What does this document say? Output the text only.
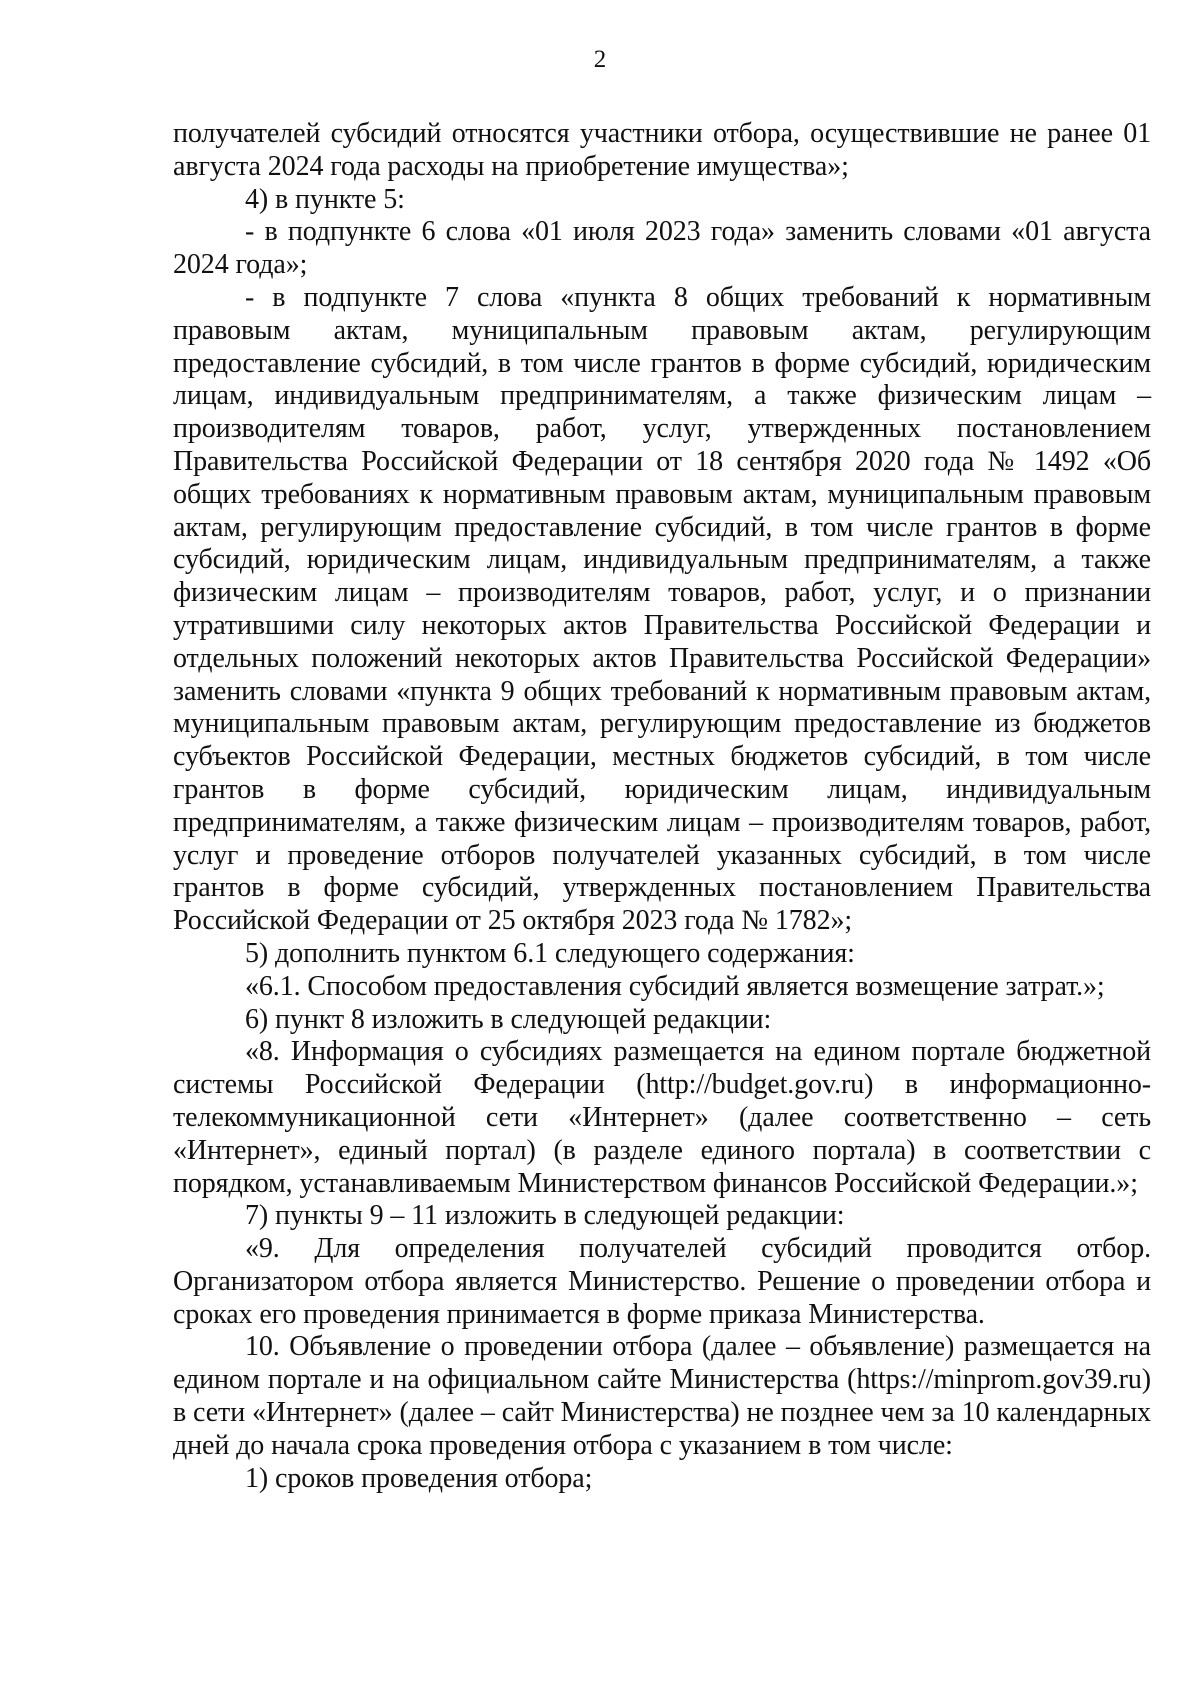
2

получателей субсидий относятся участники отбора, осуществившие не ранее 01 августа 2024 года расходы на приобретение имущества»;

4) в пункте 5:

- в подпункте 6 слова «01 июля 2023 года» заменить словами «01 августа 2024 года»;

- в подпункте 7 слова «пункта 8 общих требований к нормативным правовым актам, муниципальным правовым актам, регулирующим предоставление субсидий, в том числе грантов в форме субсидий, юридическим лицам, индивидуальным предпринимателям, а также физическим лицам – производителям товаров, работ, услуг, утвержденных постановлением Правительства Российской Федерации от 18 сентября 2020 года № 1492 «Об общих требованиях к нормативным правовым актам, муниципальным правовым актам, регулирующим предоставление субсидий, в том числе грантов в форме субсидий, юридическим лицам, индивидуальным предпринимателям, а также физическим лицам – производителям товаров, работ, услуг, и о признании утратившими силу некоторых актов Правительства Российской Федерации и отдельных положений некоторых актов Правительства Российской Федерации» заменить словами «пункта 9 общих требований к нормативным правовым актам, муниципальным правовым актам, регулирующим предоставление из бюджетов субъектов Российской Федерации, местных бюджетов субсидий, в том числе грантов в форме субсидий, юридическим лицам, индивидуальным предпринимателям, а также физическим лицам – производителям товаров, работ, услуг и проведение отборов получателей указанных субсидий, в том числе грантов в форме субсидий, утвержденных постановлением Правительства Российской Федерации от 25 октября 2023 года № 1782»;

5) дополнить пунктом 6.1 следующего содержания:

«6.1. Способом предоставления субсидий является возмещение затрат.»;

6) пункт 8 изложить в следующей редакции:

«8. Информация о субсидиях размещается на едином портале бюджетной системы Российской Федерации (http://budget.gov.ru) в информационно-телекоммуникационной сети «Интернет» (далее соответственно – сеть «Интернет», единый портал) (в разделе единого портала) в соответствии с порядком, устанавливаемым Министерством финансов Российской Федерации.»;

7) пункты 9 – 11 изложить в следующей редакции:

«9. Для определения получателей субсидий проводится отбор. Организатором отбора является Министерство. Решение о проведении отбора и сроках его проведения принимается в форме приказа Министерства.

10. Объявление о проведении отбора (далее – объявление) размещается на едином портале и на официальном сайте Министерства (https://minprom.gov39.ru) в сети «Интернет» (далее – сайт Министерства) не позднее чем за 10 календарных дней до начала срока проведения отбора с указанием в том числе:

1) сроков проведения отбора;
